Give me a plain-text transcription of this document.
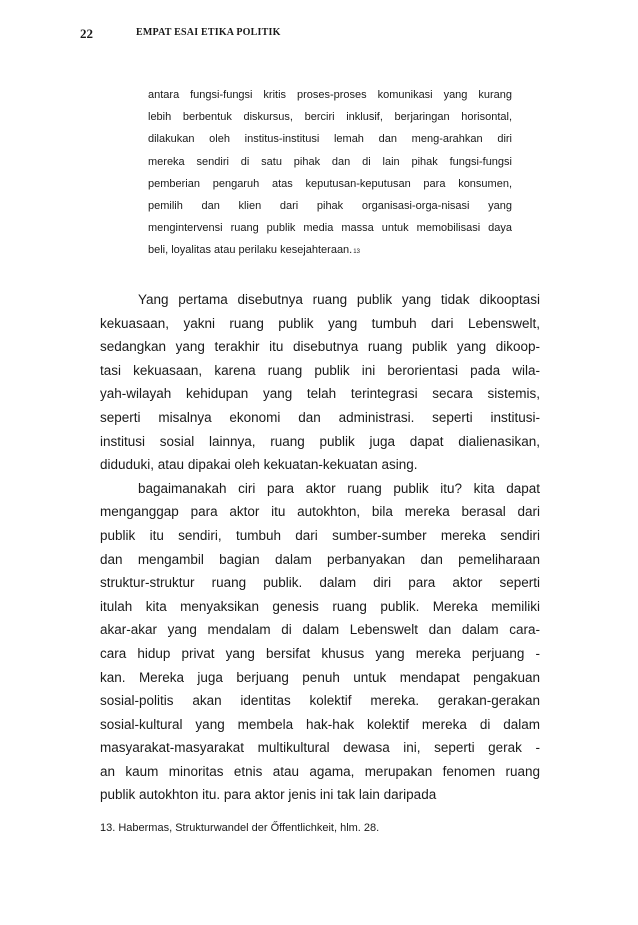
22	EMPAT ESAI ETIKA POLITIK
antara fungsi-fungsi kritis proses-proses komunikasi yang kurang
lebih berbentuk diskursus, berciri inklusif, berjaringan horisontal,
dilakukan oleh institus-institusi lemah dan meng-arahkan diri
mereka sendiri di satu pihak dan di lain pihak fungsi-fungsi
pemberian pengaruh atas keputusan-keputusan para konsumen,
pemilih dan klien dari pihak organisasi-orga-nisasi yang
mengintervensi ruang publik media massa untuk memobilisasi daya
beli, loyalitas atau perilaku kesejahteraan.13
Yang pertama disebutnya ruang publik yang tidak dikooptasi
kekuasaan, yakni ruang publik yang tumbuh dari Lebenswelt,
sedangkan yang terakhir itu disebutnya ruang publik yang dikoop-
tasi kekuasaan, karena ruang publik ini berorientasi pada wila-
yah-wilayah kehidupan yang telah terintegrasi secara sistemis,
seperti misalnya ekonomi dan administrasi. seperti institusi-
institusi sosial lainnya, ruang publik juga dapat dialienasikan,
diduduki, atau dipakai oleh kekuatan-kekuatan asing.
bagaimanakah ciri para aktor ruang publik itu? kita dapat
menganggap para aktor itu autokhton, bila mereka berasal dari
publik itu sendiri, tumbuh dari sumber-sumber mereka sendiri
dan mengambil bagian dalam perbanyakan dan pemeliharaan
struktur-struktur ruang publik. dalam diri para aktor seperti
itulah kita menyaksikan genesis ruang publik. Mereka memiliki
akar-akar yang mendalam di dalam Lebenswelt dan dalam cara-
cara hidup privat yang bersifat khusus yang mereka perjuang -
kan. Mereka juga berjuang penuh untuk mendapat pengakuan
sosial-politis akan identitas kolektif mereka. gerakan-gerakan
sosial-kultural yang membela hak-hak kolektif mereka di dalam
masyarakat-masyarakat multikultural dewasa ini, seperti gerak -
an kaum minoritas etnis atau agama, merupakan fenomen ruang
publik autokhton itu. para aktor jenis ini tak lain daripada
13. Habermas, Strukturwandel der Őffentlichkeit, hlm. 28.
